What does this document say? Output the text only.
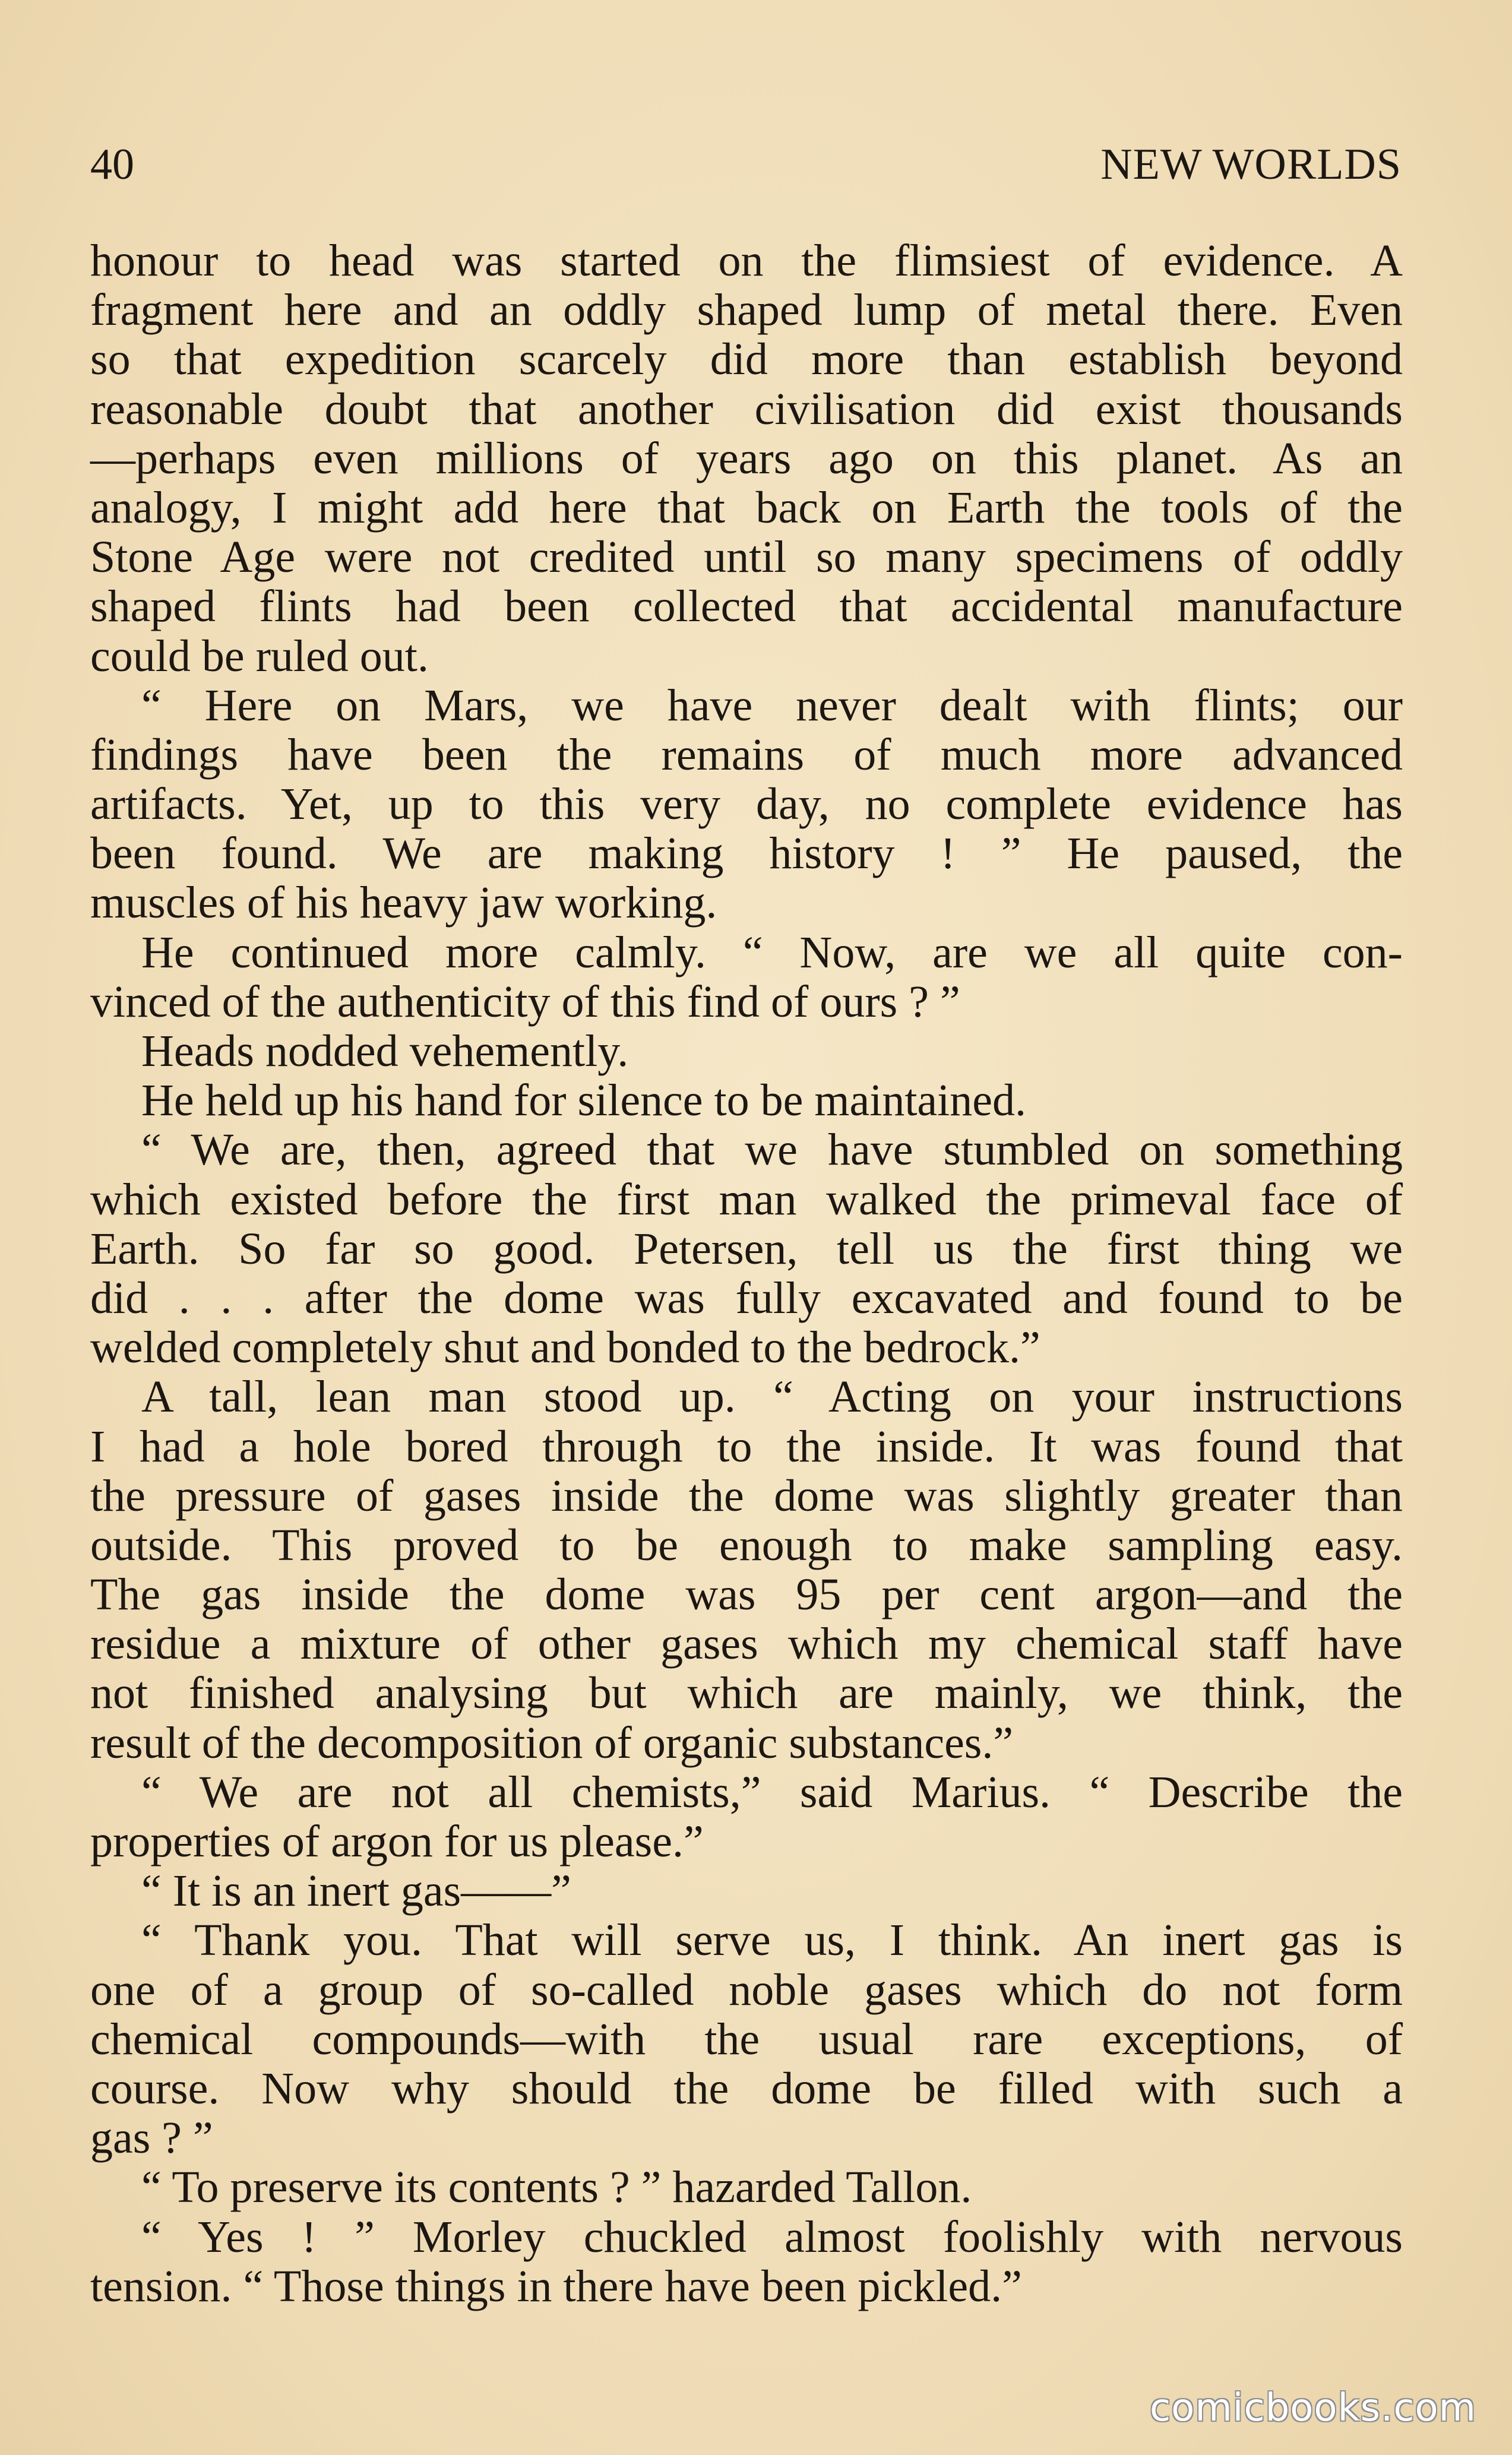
40	NEW WORLDS
honour to head was started on the flimsiest of evidence. A
fragment here and an oddly shaped lump of metal there. Even
so that expedition scarcely did more than establish beyond
reasonable doubt that another civilisation did exist thousands
—perhaps even millions of years ago on this planet. As an
analogy, I might add here that back on Earth the tools of the
Stone Age were not credited until so many specimens of oddly
shaped flints had been collected that accidental manufacture
could be ruled out.
“ Here on Mars, we have never dealt with flints; our
findings have been the remains of much more advanced
artifacts. Yet, up to this very day, no complete evidence has
been found. We are making history ! ” He paused, the
muscles of his heavy jaw working.
He continued more calmly. “ Now, are we all quite con-
vinced of the authenticity of this find of ours ? ”
Heads nodded vehemently.
He held up his hand for silence to be maintained.
“ We are, then, agreed that we have stumbled on something
which existed before the first man walked the primeval face of
Earth. So far so good. Petersen, tell us the first thing we
did . . . after the dome was fully excavated and found to be
welded completely shut and bonded to the bedrock.”
A tall, lean man stood up. “ Acting on your instructions
I had a hole bored through to the inside. It was found that
the pressure of gases inside the dome was slightly greater than
outside. This proved to be enough to make sampling easy.
The gas inside the dome was 95 per cent argon—and the
residue a mixture of other gases which my chemical staff have
not finished analysing but which are mainly, we think, the
result of the decomposition of organic substances.”
“ We are not all chemists,” said Marius. “ Describe the
properties of argon for us please.”
“ It is an inert gas——”
“ Thank you. That will serve us, I think. An inert gas is
one of a group of so-called noble gases which do not form
chemical compounds—with the usual rare exceptions, of
course. Now why should the dome be filled with such a
gas ? ”
“ To preserve its contents ? ” hazarded Tallon.
“ Yes ! ” Morley chuckled almost foolishly with nervous
tension. “ Those things in there have been pickled.”
comicbooks.com
